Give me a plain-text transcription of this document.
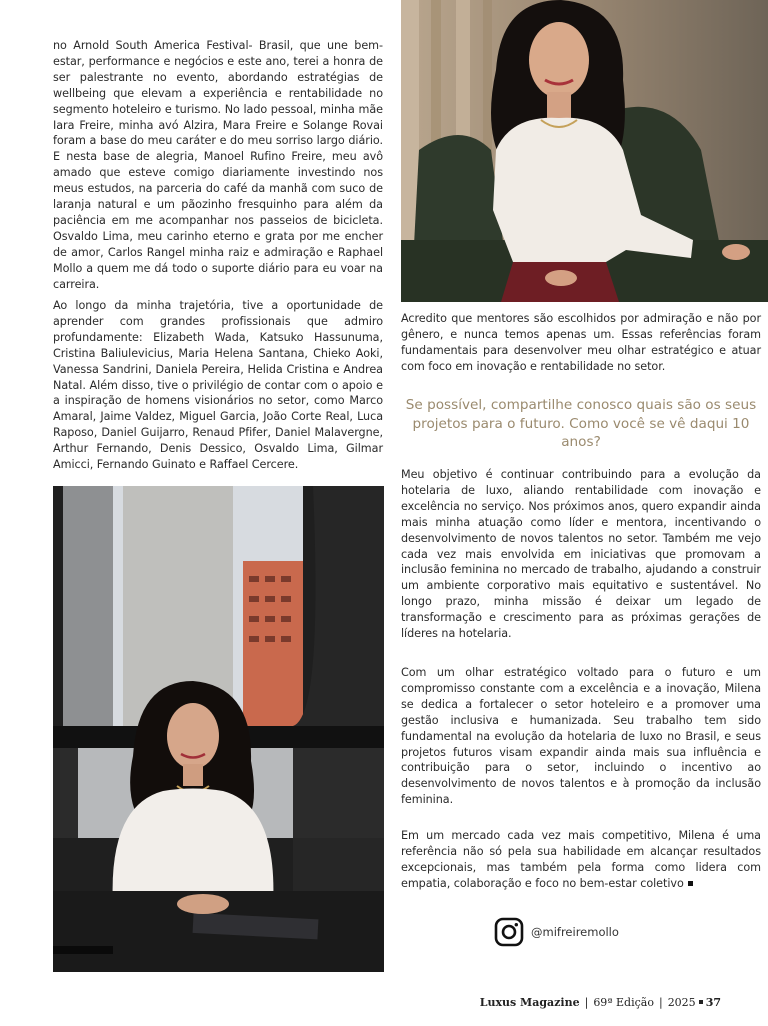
no Arnold South America Festival- Brasil, que une bem-estar, performance e negócios e este ano, terei a honra de ser palestrante no evento, abordando estratégias de wellbeing que elevam a experiência e rentabilidade no segmento hoteleiro e turismo. No lado pessoal, minha mãe Iara Freire, minha avó Alzira, Mara Freire e Solange Rovai foram a base do meu caráter e do meu sorriso largo diário. E nesta base de alegria, Manoel Rufino Freire, meu avô amado que esteve comigo diariamente investindo nos meus estudos, na parceria do café da manhã com suco de laranja natural e um pãozinho fresquinho para além da paciência em me acompanhar nos passeios de bicicleta. Osvaldo Lima, meu carinho eterno e grata por me encher de amor, Carlos Rangel minha raiz e admiração e Raphael Mollo a quem me dá todo o suporte diário para eu voar na carreira.

Ao longo da minha trajetória, tive a oportunidade de aprender com grandes profissionais que admiro profundamente: Elizabeth Wada, Katsuko Hassunuma, Cristina Baliulevicius, Maria Helena Santana, Chieko Aoki, Vanessa Sandrini, Daniela Pereira, Helida Cristina e Andrea Natal. Além disso, tive o privilégio de contar com o apoio e a inspiração de homens visionários no setor, como Marco Amaral, Jaime Valdez, Miguel Garcia, João Corte Real, Luca Raposo, Daniel Guijarro, Renaud Pfifer, Daniel Malavergne, Arthur Fernando, Denis Dessico, Osvaldo Lima, Gilmar Amicci, Fernando Guinato e Raffael Cercere.

Acredito que mentores são escolhidos por admiração e não por gênero, e nunca temos apenas um. Essas referências foram fundamentais para desenvolver meu olhar estratégico e atuar com foco em inovação e rentabilidade no setor.

Se possível, compartilhe conosco quais são os seus projetos para o futuro. Como você se vê daqui 10 anos?

Meu objetivo é continuar contribuindo para a evolução da hotelaria de luxo, aliando rentabilidade com inovação e excelência no serviço. Nos próximos anos, quero expandir ainda mais minha atuação como líder e mentora, incentivando o desenvolvimento de novos talentos no setor. Também me vejo cada vez mais envolvida em iniciativas que promovam a inclusão feminina no mercado de trabalho, ajudando a construir um ambiente corporativo mais equitativo e sustentável. No longo prazo, minha missão é deixar um legado de transformação e crescimento para as próximas gerações de líderes na hotelaria.

Com um olhar estratégico voltado para o futuro e um compromisso constante com a excelência e a inovação, Milena se dedica a fortalecer o setor hoteleiro e a promover uma gestão inclusiva e humanizada. Seu trabalho tem sido fundamental na evolução da hotelaria de luxo no Brasil, e seus projetos futuros visam expandir ainda mais sua influência e contribuição para o setor, incluindo o incentivo ao desenvolvimento de novos talentos e à promoção da inclusão feminina.

Em um mercado cada vez mais competitivo, Milena é uma referência não só pela sua habilidade em alcançar resultados excepcionais, mas também pela forma como lidera com empatia, colaboração e foco no bem-estar coletivo

@mifreiremollo
Luxus Magazine | 69ª Edição | 2025 37
